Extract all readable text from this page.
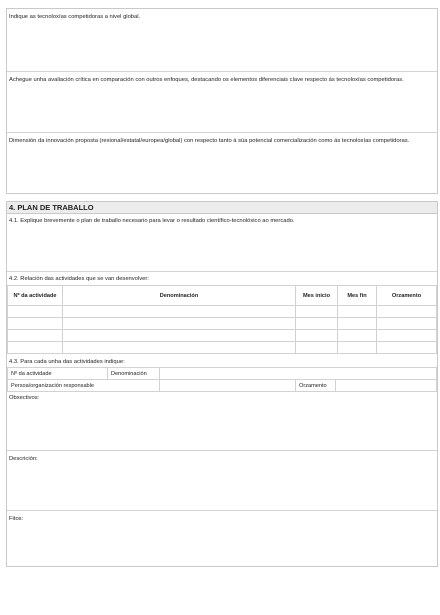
Indique as tecnoloxías competidoras a nivel global.
Achegue unha avaliación crítica en comparación con outros enfoques, destacando os elementos diferenciais clave respecto ás tecnoloxías competidoras.
Dimensión da innovación proposta (rexional/estatal/europea/global) con respecto tanto á súa potencial comercialización como ás tecnoloxías competidoras.
4. PLAN DE TRABALLO
4.1. Explique brevemente o plan de traballo necesario para levar o resultado científico-tecnolóxico ao mercado.
4.2. Relación das actividades que se van desenvolver:
Nº da actividade	Denominación	Mes inicio	Mes fin	Orzamento

4.3. Para cada unha das actividades indique:
Nº da actividade	Denominación			
Persoa/organización responsable			Orzamento	
Obxectivos:
Descrición:
Fitos:
